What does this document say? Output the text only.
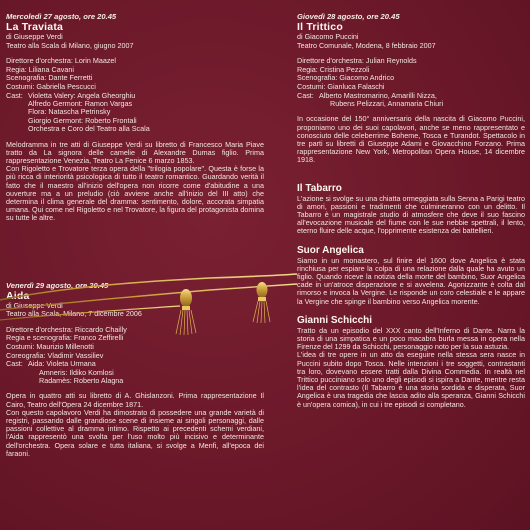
Mercoledì 27 agosto, ore 20.45
La Traviata
di Giuseppe Verdi
Teatro alla Scala di Milano, giugno 2007
Direttore d'orchestra: Lorin Maazel
Regia: Liliana Cavani
Scenografia: Dante Ferretti
Costumi: Gabriella Pescucci
Cast: Violetta Valery: Angela Gheorghiu
Alfredo Germont: Ramon Vargas
Flora: Natascha Petrinsky
Giorgio Germont: Roberto Frontali
Orchestra e Coro del Teatro alla Scala
Melodramma in tre atti di Giuseppe Verdi su libretto di Francesco Maria Piave tratto da La signora delle camelie di Alexandre Dumas figlio. Prima rappresentazione Venezia, Teatro La Fenice 6 marzo 1853.
Con Rigoletto e Trovatore terza opera della "trilogia popolare". Questa è forse la più ricca di interiorità psicologica di tutto il teatro romantico. Guardando verità il fatto che il maestro all'inizio dell'opera non ricorre come d'abitudine a una ouverture ma a un preludio (ciò avviene anche all'inizio del III atto) che determina il clima generale del dramma: sentimento, dolore, accorata simpatia umana. Qui come nel Rigoletto e nel Trovatore, la figura del protagonista domina su tutte le altre.
Venerdì 29 agosto, ore 20.45
Aida
di Giuseppe Verdi
Teatro alla Scala, Milano, 7 dicembre 2006
Direttore d'orchestra: Riccardo Chailly
Regia e scenografia: Franco Zeffirelli
Costumi: Maurizio Millenotti
Coreografia: Vladimir Vassiliev
Cast: Aida: Violeta Urmana
Amneris: Ildiko Komlosi
Radamès: Roberto Alagna
Opera in quattro atti su libretto di A. Ghislanzoni. Prima rappresentazione Il Cairo, Teatro dell'Opera 24 dicembre 1871.
Con questo capolavoro Verdi ha dimostrato di possedere una grande varietà di registri, passando dalle grandiose scene di insieme ai singoli personaggi, dalle passioni collettive al dramma intimo. Rispetto ai precedenti schemi verdiani, l'Aida rappresentò una svolta per l'uso molto più incisivo e determinante dell'orchestra. Opera solare e tutta italiana, si svolge a Menfi, all'epoca dei faraoni.
Giovedì 28 agosto, ore 20.45
Il Trittico
di Giacomo Puccini
Teatro Comunale, Modena, 8 febbraio 2007
Direttore d'orchestra: Julian Reynolds
Regia: Cristina Pezzoli
Scenografia: Giacomo Andrico
Costumi: Gianluca Falaschi
Cast: Alberto Mastromarino, Amarilli Nizza,
Rubens Pelizzari, Annamaria Chiuri
In occasione del 150° anniversario della nascita di Giacomo Puccini, proponiamo uno dei suoi capolavori, anche se meno rappresentato e conosciuto delle celeberrime Boheme, Tosca e Turandot. Spettacolo in tre parti su libretti di Giuseppe Adami e Giovacchino Forzano. Prima rappresentazione New York, Metropolitan Opera House, 14 dicembre 1918.
Il Tabarro
L'azione si svolge su una chiatta ormeggiata sulla Senna a Parigi teatro di amori, passioni e tradimenti che culmineranno con un delitto. Il Tabarro è un magistrale studio di atmosfere che deve il suo fascino all'evocazione musicale del fiume con le sue nebbie spettrali, il lento, eterno fluire delle acque, l'opprimente esistenza dei battellieri.
Suor Angelica
Siamo in un monastero, sul finire del 1600 dove Angelica è stata rinchiusa per espiare la colpa di una relazione dalla quale ha avuto un figlio. Quando riceve la notizia della morte del bambino, Suor Angelica cade in un'atroce disperazione e si avvelena. Agonizzante è colta dal rimorso e invoca la Vergine. Le risponde un coro celestiale e le appare la Vergine che spinge il bambino verso Angelica morente.
Gianni Schicchi
Tratto da un episodio del XXX canto dell'Inferno di Dante. Narra la storia di una simpatica e un poco macabra burla messa in opera nella Firenze del 1299 da Schicchi, personaggio noto per la sua astuzia.
L'idea di tre opere in un atto da eseguire nella stessa sera nasce in Puccini subito dopo Tosca. Nelle intenzioni i tre soggetti, contrastanti tra loro, dovevano essere tratti dalla Divina Commedia. In realtà nel Trittico pucciniano solo uno degli episodi si ispira a Dante, mentre resta l'idea del contrasto (Il Tabarro è una storia sordida e disperata, Suor Angelica è una tragedia che lascia adito alla speranza, Gianni Schicchi è un'opera comica), in cui i tre episodi si completano.
